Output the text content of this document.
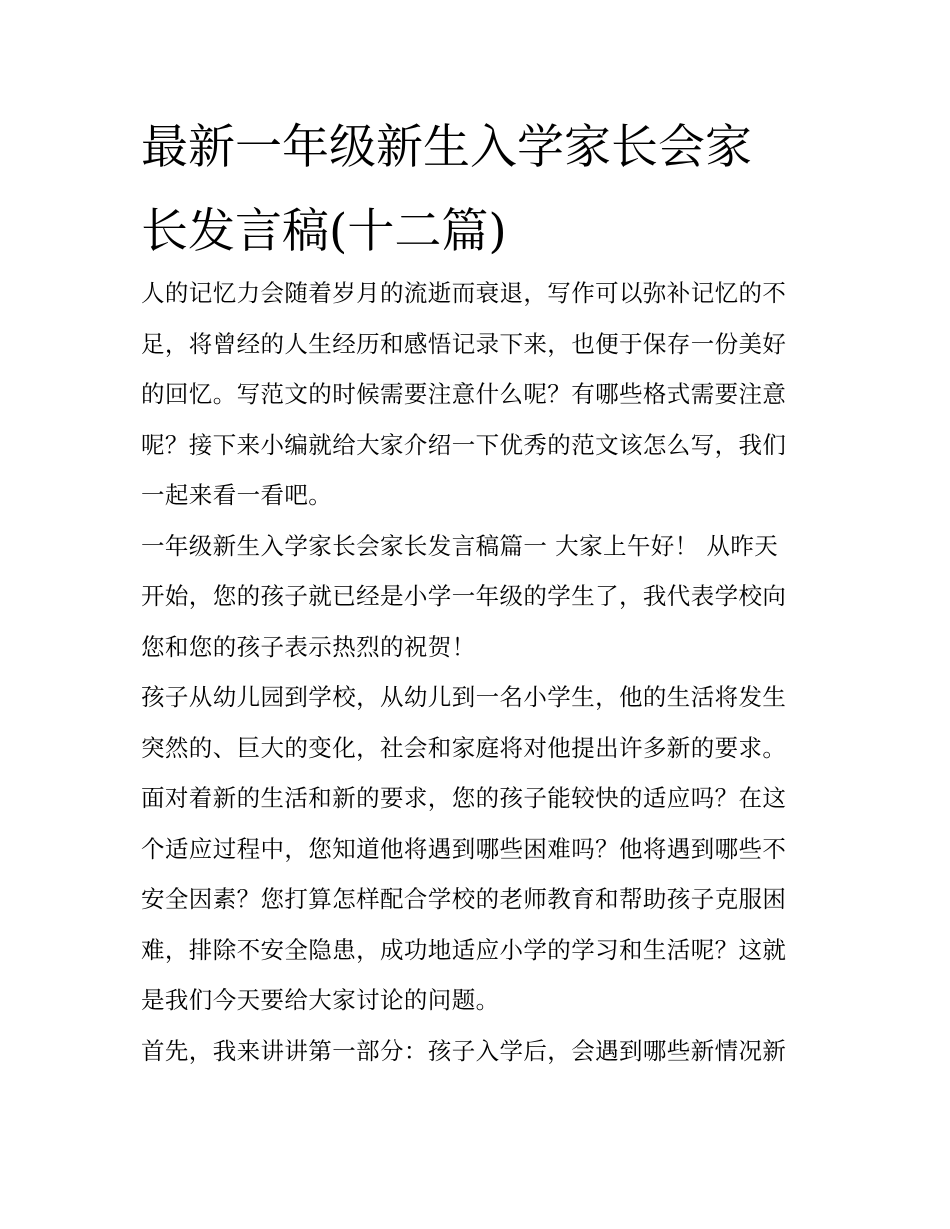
最新一年级新生入学家长会家
长发言稿(十二篇)
人的记忆力会随着岁月的流逝而衰退，写作可以弥补记忆的不
足，将曾经的人生经历和感悟记录下来，也便于保存一份美好
的回忆。写范文的时候需要注意什么呢？有哪些格式需要注意
呢？接下来小编就给大家介绍一下优秀的范文该怎么写，我们
一起来看一看吧。
一年级新生入学家长会家长发言稿篇一 大家上午好！ 从昨天
开始，您的孩子就已经是小学一年级的学生了，我代表学校向
您和您的孩子表示热烈的祝贺！
孩子从幼儿园到学校，从幼儿到一名小学生，他的生活将发生
突然的、巨大的变化，社会和家庭将对他提出许多新的要求。
面对着新的生活和新的要求，您的孩子能较快的适应吗？在这
个适应过程中，您知道他将遇到哪些困难吗？他将遇到哪些不
安全因素？您打算怎样配合学校的老师教育和帮助孩子克服困
难，排除不安全隐患，成功地适应小学的学习和生活呢？这就
是我们今天要给大家讨论的问题。
首先，我来讲讲第一部分：孩子入学后，会遇到哪些新情况新
